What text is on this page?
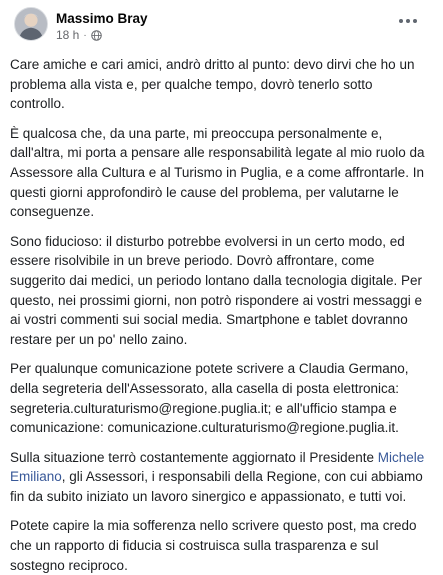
Massimo Bray
18 h ·

Care amiche e cari amici, andrò dritto al punto: devo dirvi che ho un problema alla vista e, per qualche tempo, dovrò tenerlo sotto controllo.

È qualcosa che, da una parte, mi preoccupa personalmente e, dall'altra, mi porta a pensare alle responsabilità legate al mio ruolo da Assessore alla Cultura e al Turismo in Puglia, e a come affrontarle. In questi giorni approfondirò le cause del problema, per valutarne le conseguenze.

Sono fiducioso: il disturbo potrebbe evolversi in un certo modo, ed essere risolvibile in un breve periodo. Dovrò affrontare, come suggerito dai medici, un periodo lontano dalla tecnologia digitale. Per questo, nei prossimi giorni, non potrò rispondere ai vostri messaggi e ai vostri commenti sui social media. Smartphone e tablet dovranno restare per un po' nello zaino.

Per qualunque comunicazione potete scrivere a Claudia Germano, della segreteria dell'Assessorato, alla casella di posta elettronica: segreteria.culturaturismo@regione.puglia.it; e all'ufficio stampa e comunicazione: comunicazione.culturaturismo@regione.puglia.it.

Sulla situazione terrò costantemente aggiornato il Presidente Michele Emiliano, gli Assessori, i responsabili della Regione, con cui abbiamo fin da subito iniziato un lavoro sinergico e appassionato, e tutti voi.

Potete capire la mia sofferenza nello scrivere questo post, ma credo che un rapporto di fiducia si costruisca sulla trasparenza e sul sostegno reciproco.
